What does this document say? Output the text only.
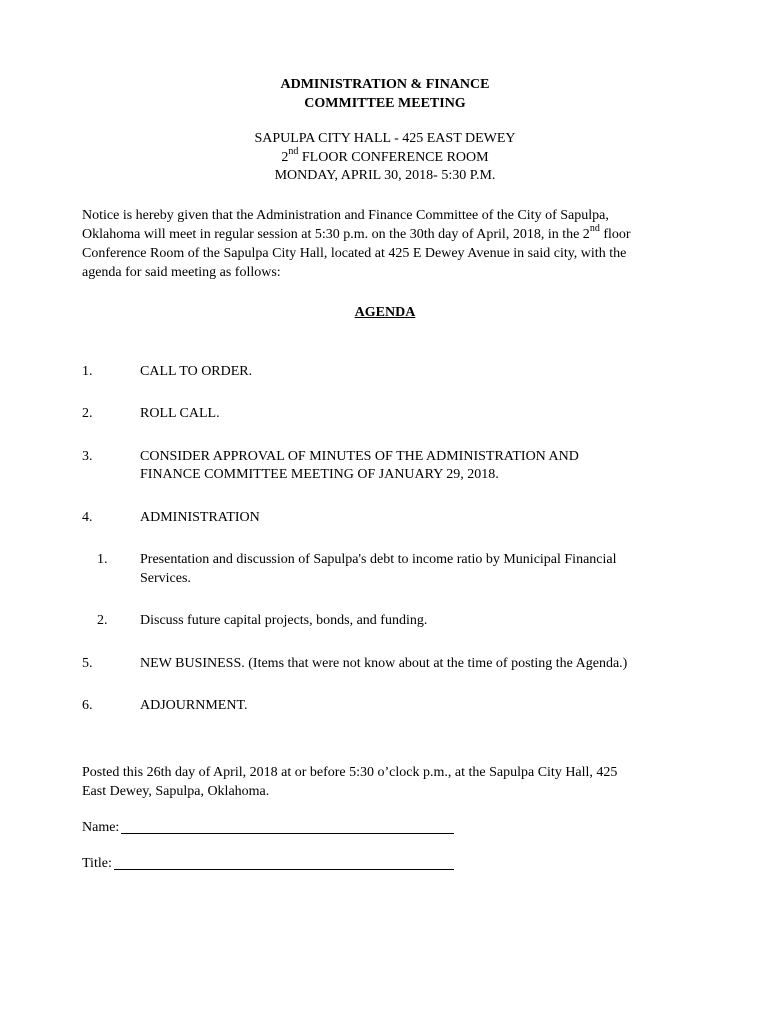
ADMINISTRATION & FINANCE
COMMITTEE MEETING
SAPULPA CITY HALL - 425 EAST DEWEY
2nd FLOOR CONFERENCE ROOM
MONDAY, APRIL 30, 2018- 5:30 P.M.
Notice is hereby given that the Administration and Finance Committee of the City of Sapulpa,
Oklahoma will meet in regular session at 5:30 p.m. on the 30th day of April, 2018, in the 2nd floor
Conference Room of the Sapulpa City Hall, located at 425 E Dewey Avenue in said city, with the
agenda for said meeting as follows:
AGENDA
1.	CALL TO ORDER.
2.	ROLL CALL.
3.	CONSIDER APPROVAL OF MINUTES OF THE ADMINISTRATION AND
FINANCE COMMITTEE MEETING OF JANUARY 29, 2018.
4.	ADMINISTRATION
1. Presentation and discussion of Sapulpa's debt to income ratio by Municipal Financial
Services.
2. Discuss future capital projects, bonds, and funding.
5.	NEW BUSINESS. (Items that were not know about at the time of posting the Agenda.)
6.	ADJOURNMENT.
Posted this 26th day of April, 2018 at or before 5:30 o’clock p.m., at the Sapulpa City Hall, 425
East Dewey, Sapulpa, Oklahoma.
Name:
Title:
